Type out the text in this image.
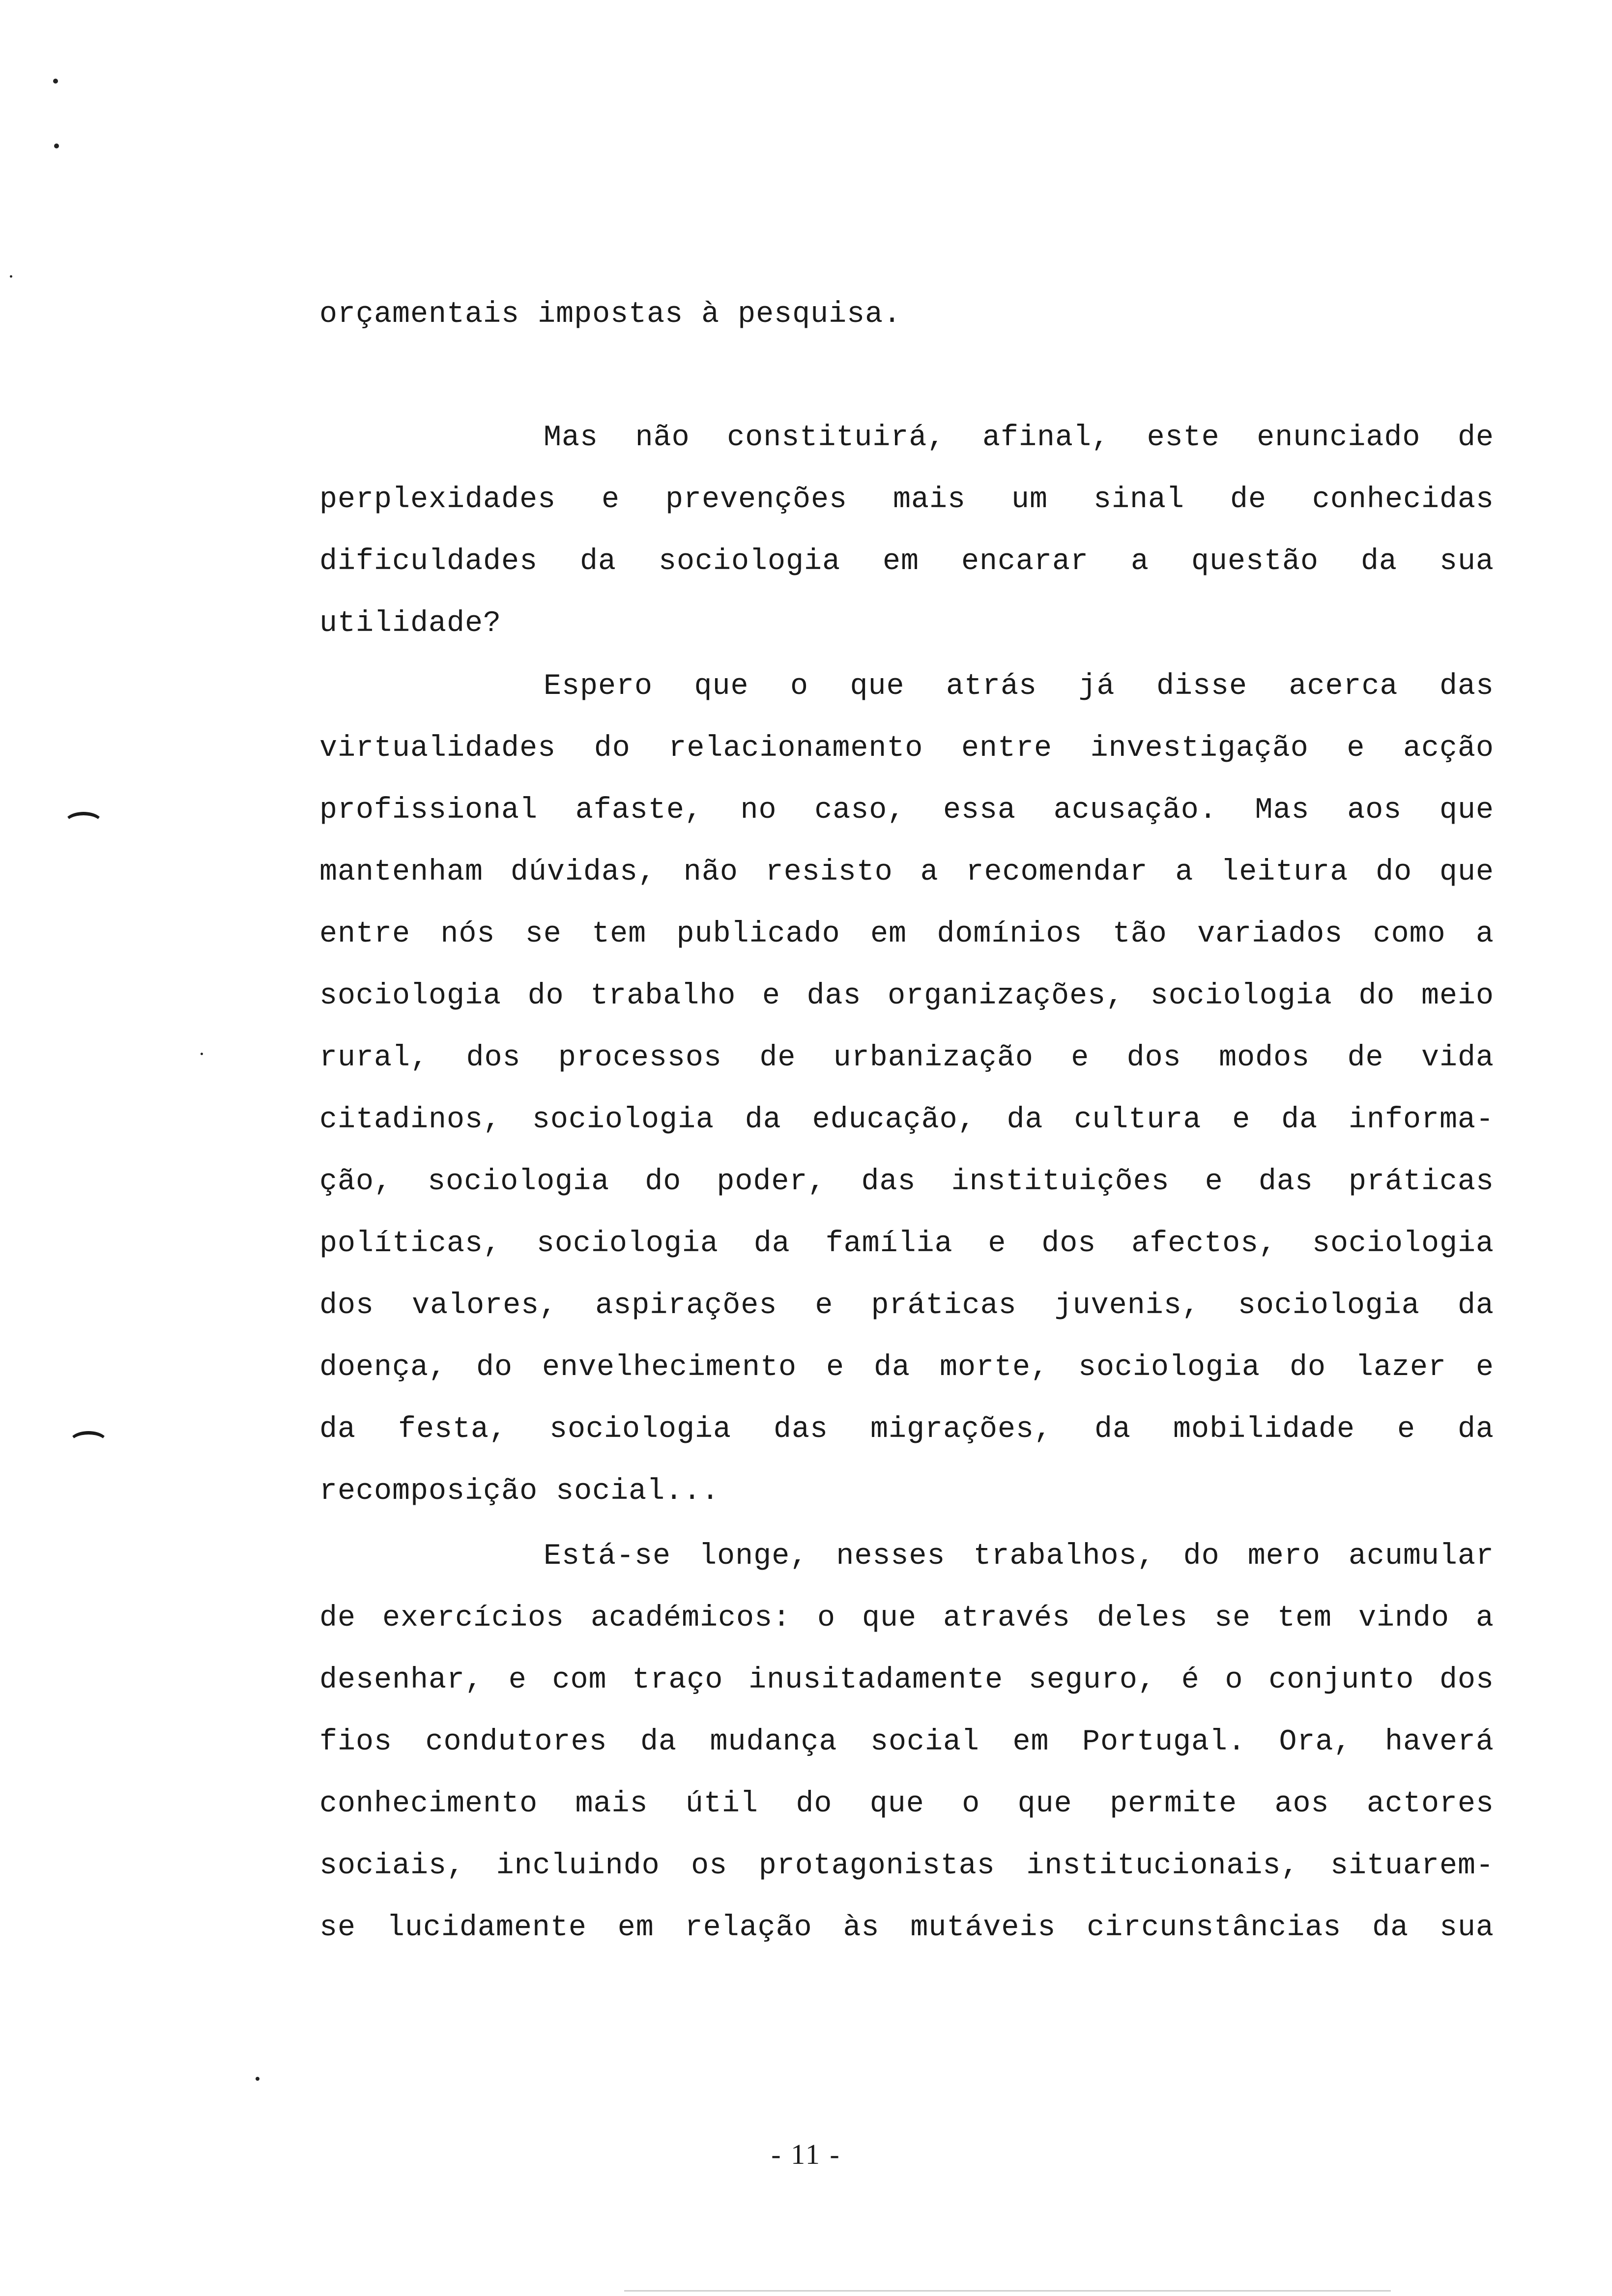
orçamentais impostas à pesquisa.
Mas não constituirá, afinal, este enunciado de
perplexidades e prevenções mais um sinal de conhecidas
dificuldades da sociologia em encarar a questão da sua
utilidade?
Espero que o que atrás já disse acerca das
virtualidades do relacionamento entre investigação e acção
profissional afaste, no caso, essa acusação. Mas aos que
mantenham dúvidas, não resisto a recomendar a leitura do que
entre nós se tem publicado em domínios tão variados como a
sociologia do trabalho e das organizações, sociologia do meio
rural, dos processos de urbanização e dos modos de vida
citadinos, sociologia da educação, da cultura e da informa-
ção, sociologia do poder, das instituições e das práticas
políticas, sociologia da família e dos afectos, sociologia
dos valores, aspirações e práticas juvenis, sociologia da
doença, do envelhecimento e da morte, sociologia do lazer e
da festa, sociologia das migrações, da mobilidade e da
recomposição social...
Está-se longe, nesses trabalhos, do mero acumular
de exercícios académicos: o que através deles se tem vindo a
desenhar, e com traço inusitadamente seguro, é o conjunto dos
fios condutores da mudança social em Portugal. Ora, haverá
conhecimento mais útil do que o que permite aos actores
sociais, incluindo os protagonistas institucionais, situarem-
se lucidamente em relação às mutáveis circunstâncias da sua
- 11 -
